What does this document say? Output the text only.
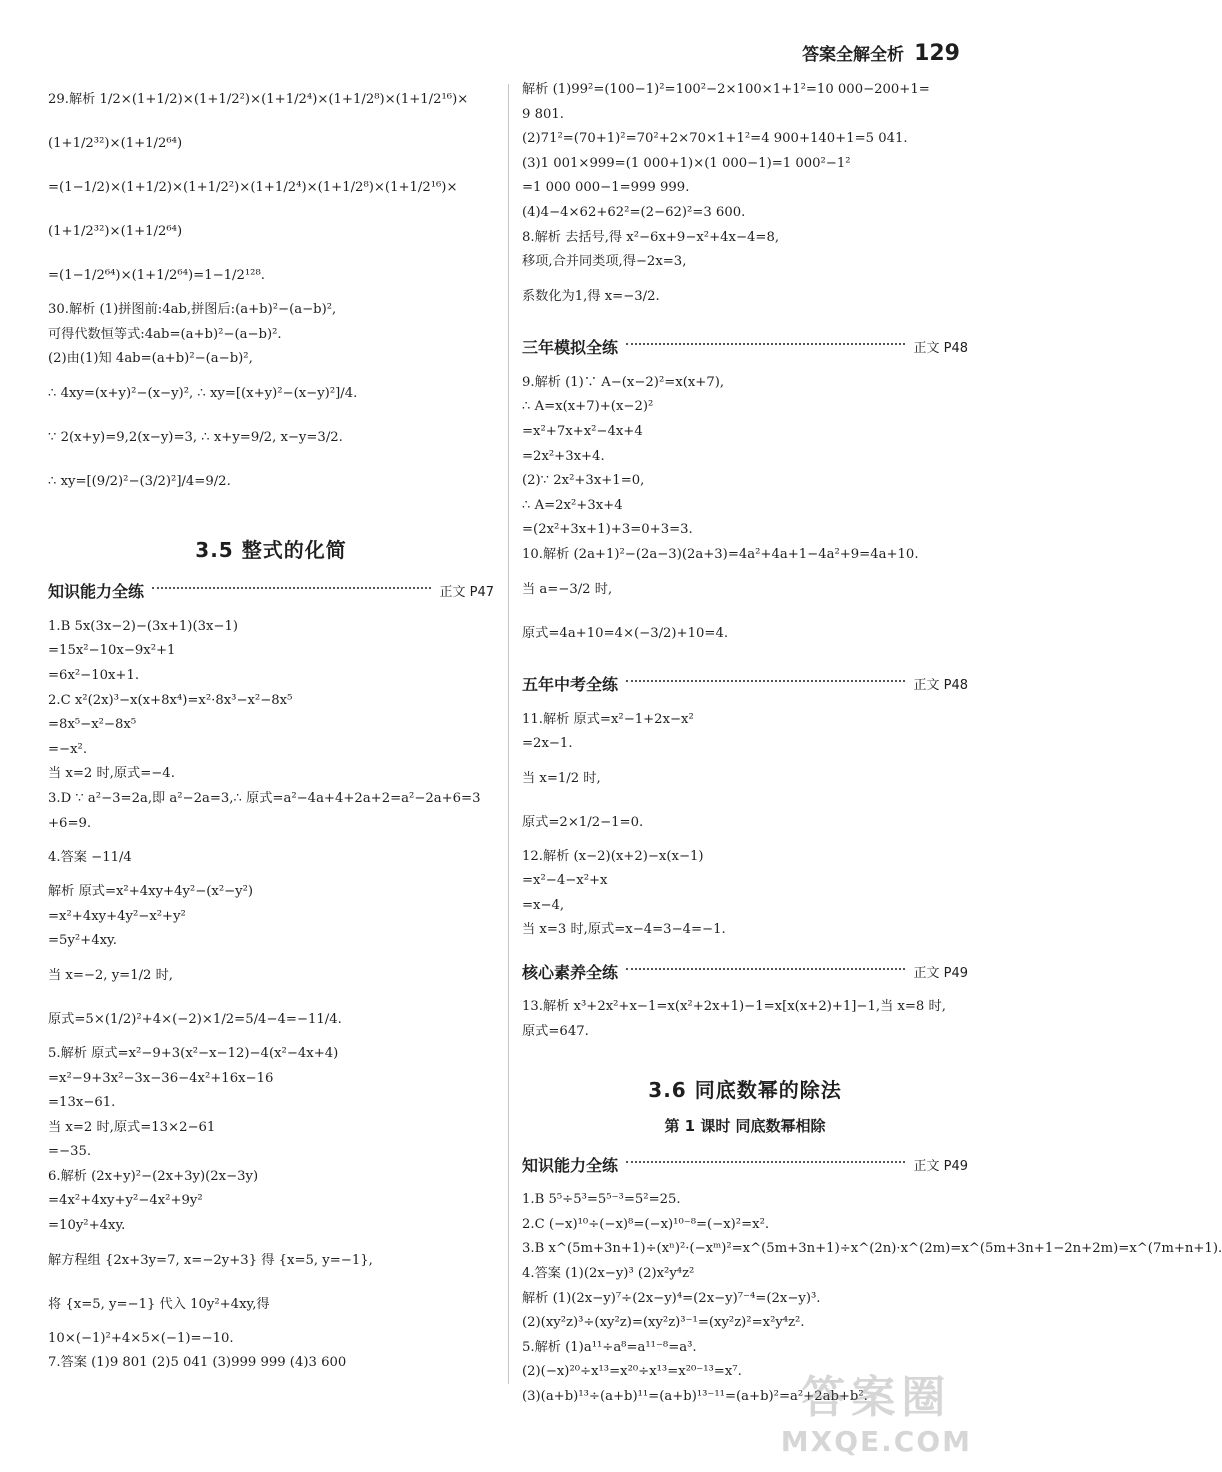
答案全解全析 129
29.解析 1/2×(1+1/2)×(1+1/2²)×(1+1/2⁴)×(1+1/2⁸)×(1+1/2¹⁶)×
(1+1/2³²)×(1+1/2⁶⁴)
=(1−1/2)×(1+1/2)×(1+1/2²)×(1+1/2⁴)×(1+1/2⁸)×(1+1/2¹⁶)×
(1+1/2³²)×(1+1/2⁶⁴)
=(1−1/2⁶⁴)×(1+1/2⁶⁴)=1−1/2¹²⁸.
30.解析 (1)拼图前:4ab,拼图后:(a+b)²−(a−b)²,
可得代数恒等式:4ab=(a+b)²−(a−b)².
(2)由(1)知 4ab=(a+b)²−(a−b)²,
∴ 4xy=(x+y)²−(x−y)², ∴ xy=[(x+y)²−(x−y)²]/4.
∵ 2(x+y)=9,2(x−y)=3, ∴ x+y=9/2, x−y=3/2.
∴ xy=[(9/2)²−(3/2)²]/4=9/2.
3.5 整式的化简
知识能力全练	正文 P47
1.B 5x(3x−2)−(3x+1)(3x−1)
=15x²−10x−9x²+1
=6x²−10x+1.
2.C x²(2x)³−x(x+8x⁴)=x²·8x³−x²−8x⁵
=8x⁵−x²−8x⁵
=−x².
当 x=2 时,原式=−4.
3.D ∵ a²−3=2a,即 a²−2a=3,∴ 原式=a²−4a+4+2a+2=a²−2a+6=3
+6=9.
4.答案 −11/4
解析 原式=x²+4xy+4y²−(x²−y²)
=x²+4xy+4y²−x²+y²
=5y²+4xy.
当 x=−2, y=1/2 时,
原式=5×(1/2)²+4×(−2)×1/2=5/4−4=−11/4.
5.解析 原式=x²−9+3(x²−x−12)−4(x²−4x+4)
=x²−9+3x²−3x−36−4x²+16x−16
=13x−61.
当 x=2 时,原式=13×2−61
=−35.
6.解析 (2x+y)²−(2x+3y)(2x−3y)
=4x²+4xy+y²−4x²+9y²
=10y²+4xy.
解方程组 {2x+3y=7, x=−2y+3} 得 {x=5, y=−1},
将 {x=5, y=−1} 代入 10y²+4xy,得
10×(−1)²+4×5×(−1)=−10.
7.答案 (1)9 801 (2)5 041 (3)999 999 (4)3 600
解析 (1)99²=(100−1)²=100²−2×100×1+1²=10 000−200+1=
9 801.
(2)71²=(70+1)²=70²+2×70×1+1²=4 900+140+1=5 041.
(3)1 001×999=(1 000+1)×(1 000−1)=1 000²−1²
=1 000 000−1=999 999.
(4)4−4×62+62²=(2−62)²=3 600.
8.解析 去括号,得 x²−6x+9−x²+4x−4=8,
移项,合并同类项,得−2x=3,
系数化为1,得 x=−3/2.
三年模拟全练	正文 P48
9.解析 (1)∵ A−(x−2)²=x(x+7),
∴ A=x(x+7)+(x−2)²
=x²+7x+x²−4x+4
=2x²+3x+4.
(2)∵ 2x²+3x+1=0,
∴ A=2x²+3x+4
=(2x²+3x+1)+3=0+3=3.
10.解析 (2a+1)²−(2a−3)(2a+3)=4a²+4a+1−4a²+9=4a+10.
当 a=−3/2 时,
原式=4a+10=4×(−3/2)+10=4.
五年中考全练	正文 P48
11.解析 原式=x²−1+2x−x²
=2x−1.
当 x=1/2 时,
原式=2×1/2−1=0.
12.解析 (x−2)(x+2)−x(x−1)
=x²−4−x²+x
=x−4,
当 x=3 时,原式=x−4=3−4=−1.
核心素养全练	正文 P49
13.解析 x³+2x²+x−1=x(x²+2x+1)−1=x[x(x+2)+1]−1,当 x=8 时,
原式=647.
3.6 同底数幂的除法
第 1 课时 同底数幂相除
知识能力全练	正文 P49
1.B 5⁵÷5³=5⁵⁻³=5²=25.
2.C (−x)¹⁰÷(−x)⁸=(−x)¹⁰⁻⁸=(−x)²=x².
3.B x^(5m+3n+1)÷(xⁿ)²·(−xᵐ)²=x^(5m+3n+1)÷x^(2n)·x^(2m)=x^(5m+3n+1−2n+2m)=x^(7m+n+1).
4.答案 (1)(2x−y)³ (2)x²y⁴z²
解析 (1)(2x−y)⁷÷(2x−y)⁴=(2x−y)⁷⁻⁴=(2x−y)³.
(2)(xy²z)³÷(xy²z)=(xy²z)³⁻¹=(xy²z)²=x²y⁴z².
5.解析 (1)a¹¹÷a⁸=a¹¹⁻⁸=a³.
(2)(−x)²⁰÷x¹³=x²⁰÷x¹³=x²⁰⁻¹³=x⁷.
(3)(a+b)¹³÷(a+b)¹¹=(a+b)¹³⁻¹¹=(a+b)²=a²+2ab+b².
答案圈
MXQE.COM
